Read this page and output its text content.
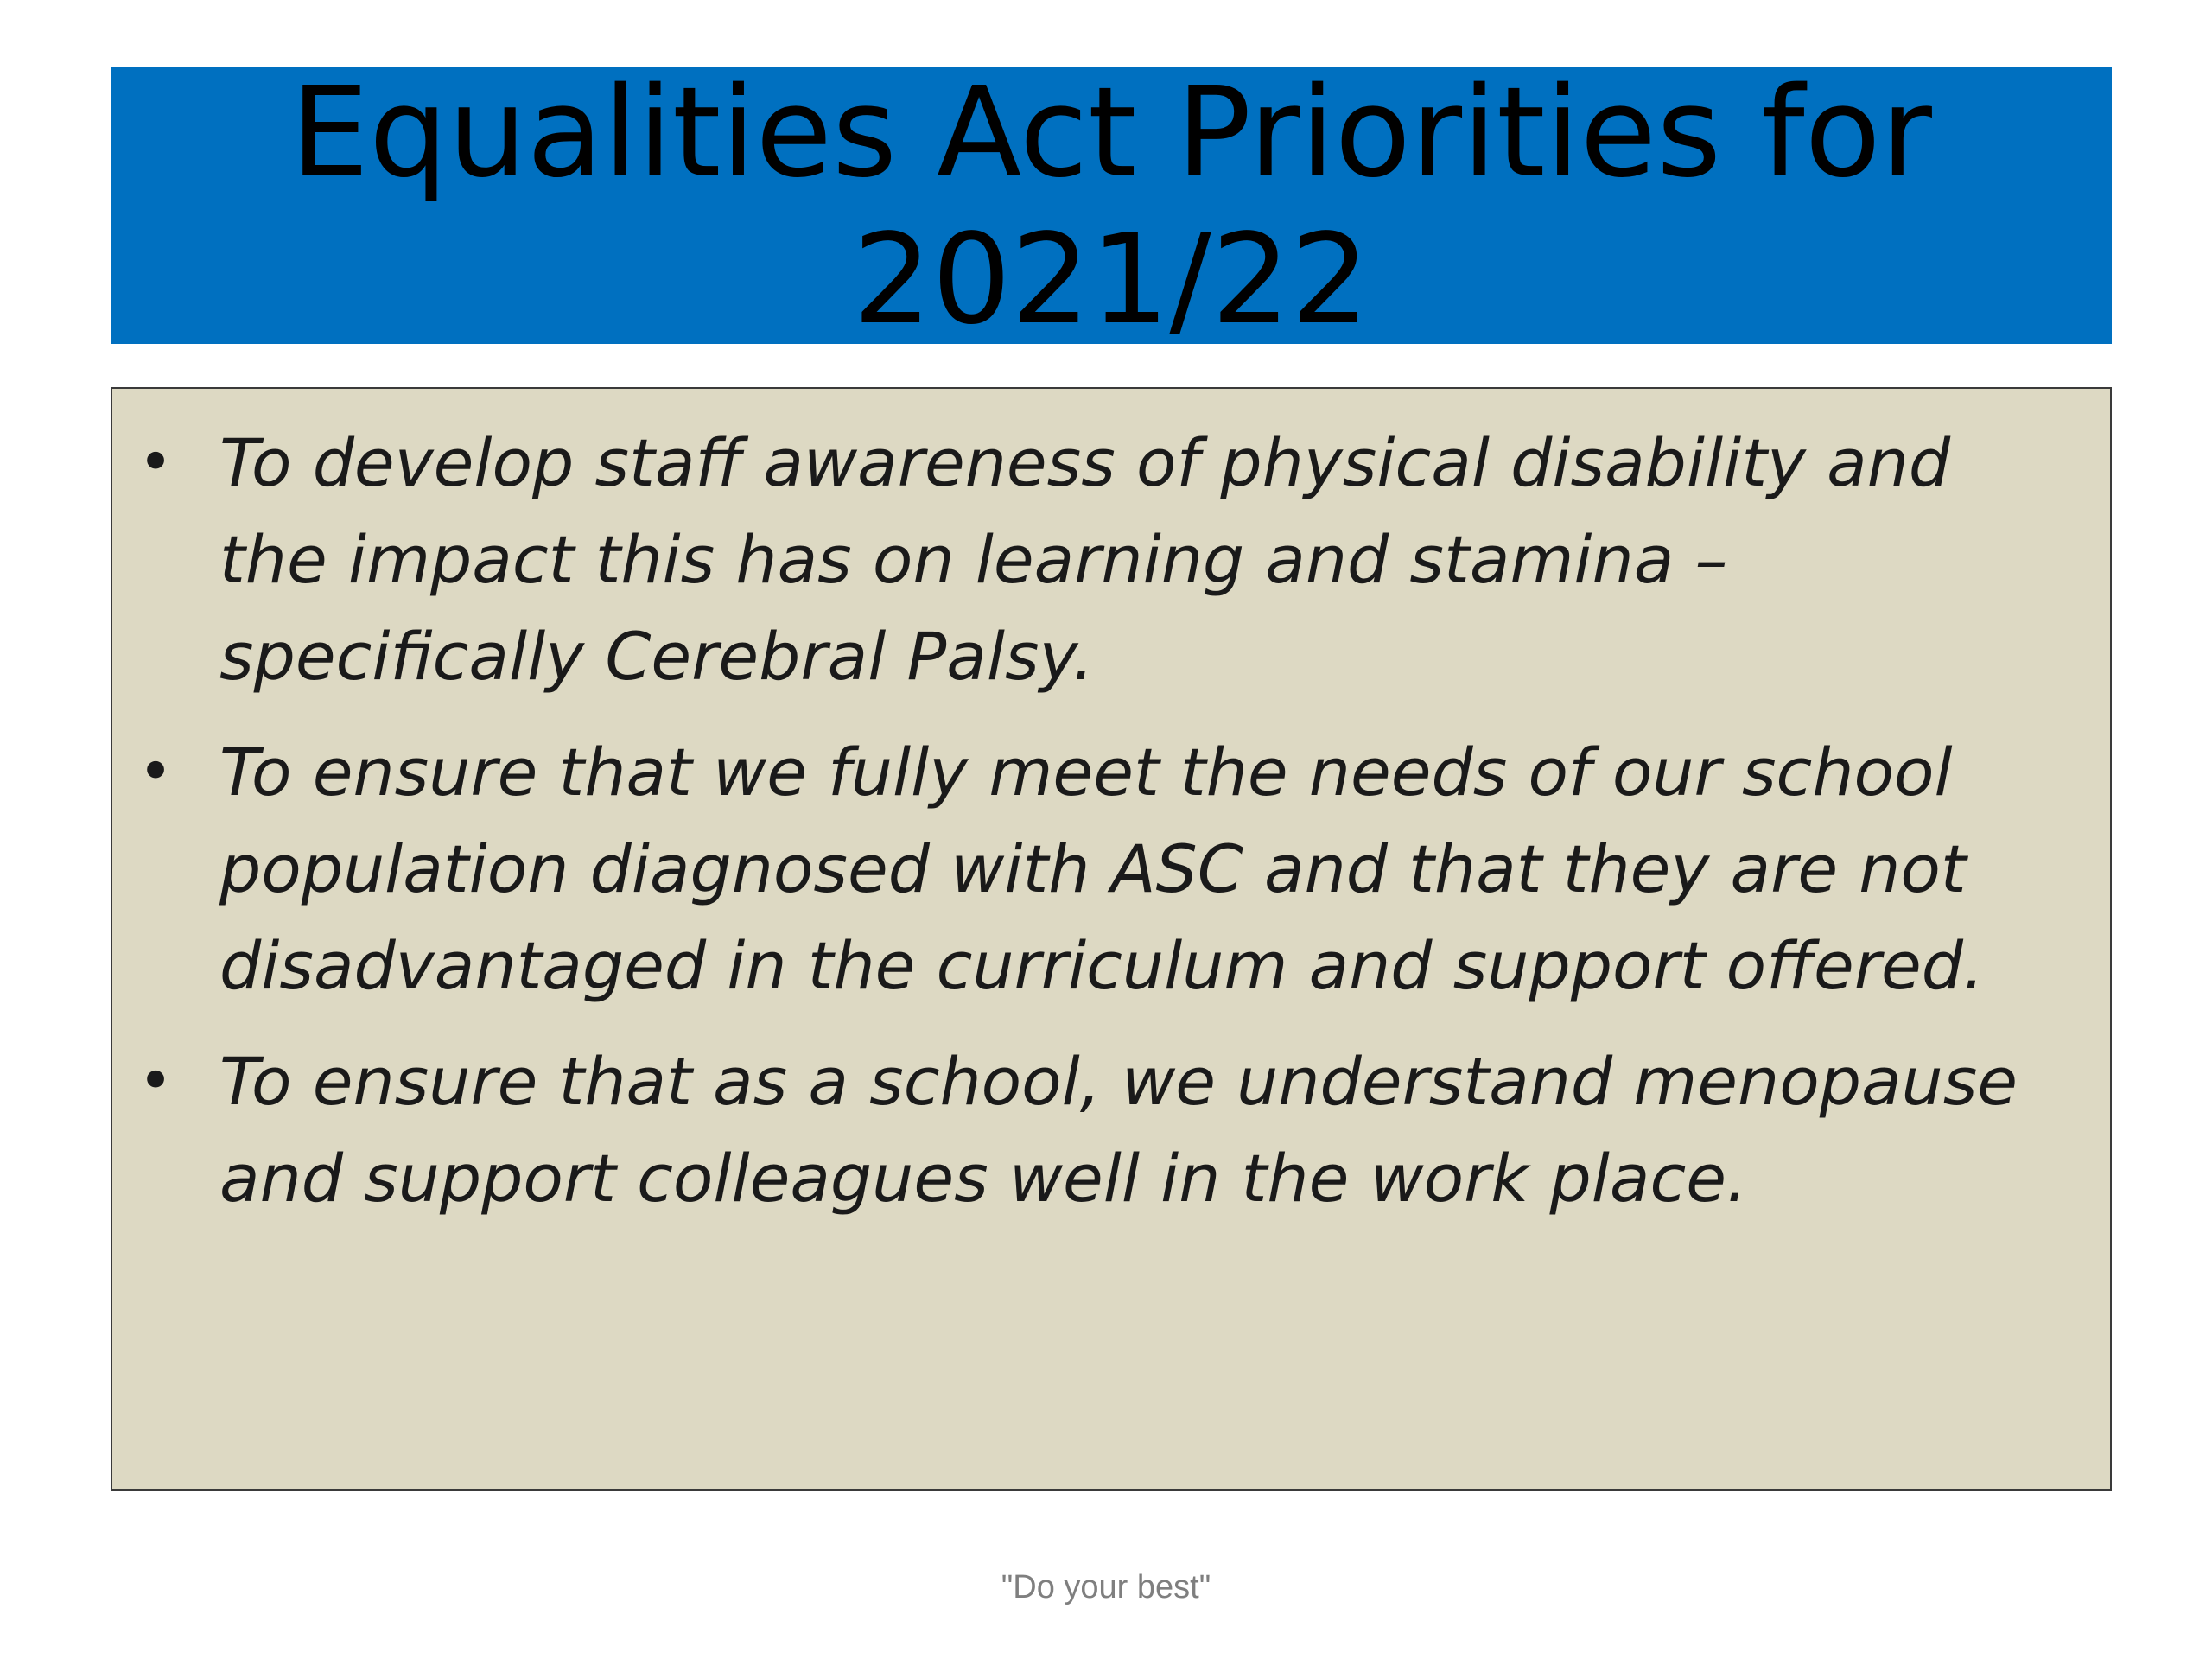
Equalities Act Priorities for 2021/22
• To develop staff awareness of physical disability and the impact this has on learning and stamina – specifically Cerebral Palsy.
• To ensure that we fully meet the needs of our school population diagnosed with ASC and that they are not disadvantaged in the curriculum and support offered.
• To ensure that as a school, we understand menopause and support colleagues well in the work place.
"Do your best"
